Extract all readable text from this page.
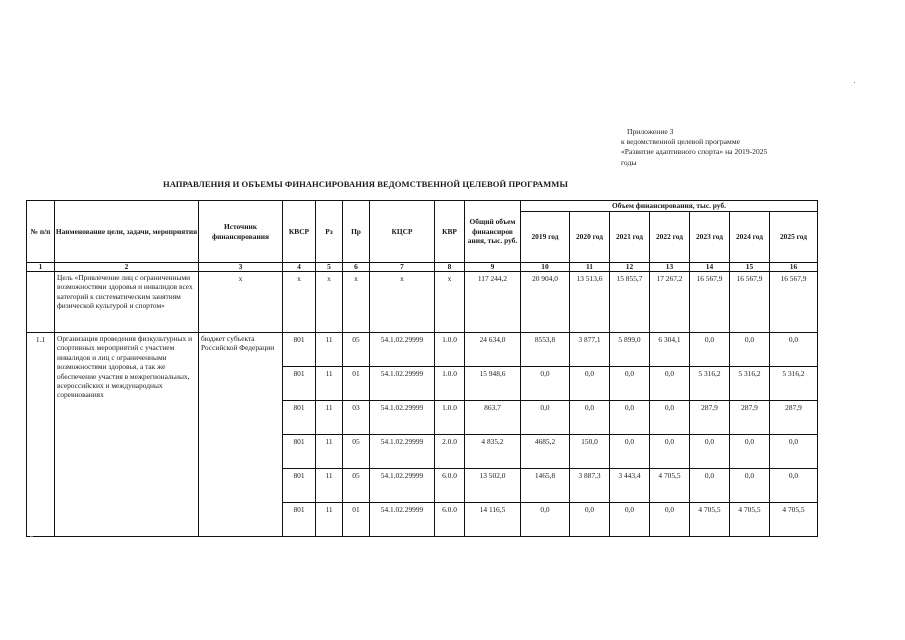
Приложение 3
к ведомственной целевой программе
«Развитие адаптивного спорта» на 2019-2025
годы
НАПРАВЛЕНИЯ И ОБЪЕМЫ ФИНАНСИРОВАНИЯ ВЕДОМСТВЕННОЙ ЦЕЛЕВОЙ ПРОГРАММЫ
№ п/п	Наименование цели, задачи, мероприятия	Источник финансирования	КВСР	Рз	Пр	КЦСР	КВР	Общий объем финансиров ания, тыс. руб.	Объем финансирования, тыс. руб.						
									2019 год	2020 год	2021 год	2022 год	2023 год	2024 год	2025 год
1	2	3	4	5	6	7	8	9	10	11	12	13	14	15	16
	Цель «Привлечение лиц с ограниченными возможностями здоровья и инвалидов всех категорий к систематическим занятиям физической культурой и спортом»	х	х	х	х	х	х	117 244,2	20 904,0	13 513,6	15 855,7	17 267,2	16 567,9	16 567,9	16 567,9
1.1	Организация проведения физкультурных и спортивных мероприятий с участием инвалидов и лиц с ограниченными возможностями здоровья, а так же обеспечение участия в межрегиональных, всероссийских и международных соревнованиях	бюджет субъекта Российской Федерации	801	11	05	54.1.02.29999	1.0.0	24 634,0	8553,8	3 877,1	5 899,0	6 304,1	0,0	0,0	0,0
			801	11	01	54.1.02.29999	1.0.0	15 948,6	0,0	0,0	0,0	0,0	5 316,2	5 316,2	5 316,2
			801	11	03	54.1.02.29999	1.0.0	863,7	0,0	0,0	0,0	0,0	287,9	287,9	287,9
			801	11	05	54.1.02.29999	2.0.0	4 835,2	4685,2	150,0	0,0	0,0	0,0	0,0	0,0
			801	11	05	54.1.02.29999	6.0.0	13 502,0	1465,8	3 887,3	3 443,4	4 705,5	0,0	0,0	0,0
			801	11	01	54.1.02.29999	6.0.0	14 116,5	0,0	0,0	0,0	0,0	4 705,5	4 705,5	4 705,5
